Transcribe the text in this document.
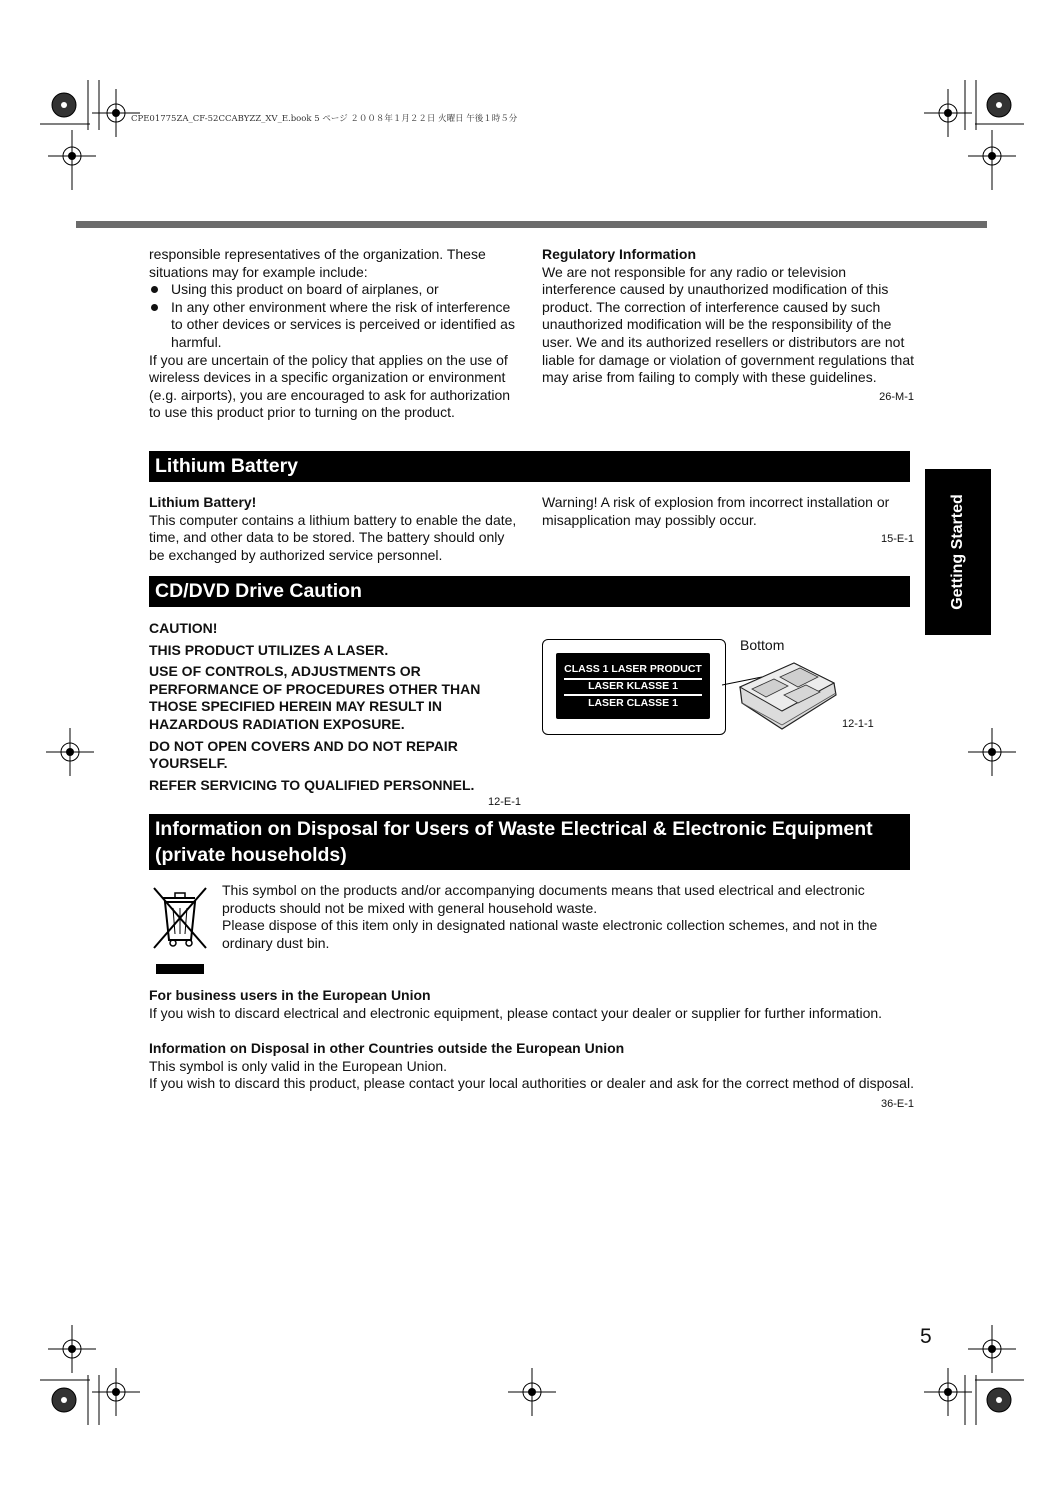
CPE01775ZA_CF-52CCABYZZ_XV_E.book 5 ページ ２００８年１月２２日 火曜日 午後１時５分

responsible representatives of the organization. These situations may for example include:

Using this product on board of airplanes, or
In any other environment where the risk of interference to other devices or services is perceived or identified as harmful.

If you are uncertain of the policy that applies on the use of wireless devices in a specific organization or environment (e.g. airports), you are encouraged to ask for authorization to use this product prior to turning on the product.

Regulatory Information

We are not responsible for any radio or television interference caused by unauthorized modification of this product. The correction of interference caused by such unauthorized modification will be the responsibility of the user. We and its authorized resellers or distributors are not liable for damage or violation of government regulations that may arise from failing to comply with these guidelines.

26-M-1
Lithium Battery

Lithium Battery!

This computer contains a lithium battery to enable the date, time, and other data to be stored. The battery should only be exchanged by authorized service personnel.

Warning! A risk of explosion from incorrect installation or misapplication may possibly occur.

15-E-1
CD/DVD Drive Caution

CAUTION!

THIS PRODUCT UTILIZES A LASER.

USE OF CONTROLS, ADJUSTMENTS OR PERFORMANCE OF PROCEDURES OTHER THAN THOSE SPECIFIED HEREIN MAY RESULT IN HAZARDOUS RADIATION EXPOSURE.

DO NOT OPEN COVERS AND DO NOT REPAIR YOURSELF.

REFER SERVICING TO QUALIFIED PERSONNEL.

12-E-1
CLASS 1 LASER PRODUCT
LASER KLASSE 1
LASER CLASSE 1
Bottom
12-1-1
Information on Disposal for Users of Waste Electrical & Electronic Equipment
(private households)

This symbol on the products and/or accompanying documents means that used electrical and electronic products should not be mixed with general household waste.

Please dispose of this item only in designated national waste electronic collection schemes, and not in the ordinary dust bin.

For business users in the European Union

If you wish to discard electrical and electronic equipment, please contact your dealer or supplier for further information.

Information on Disposal in other Countries outside the European Union

This symbol is only valid in the European Union.

If you wish to discard this product, please contact your local authorities or dealer and ask for the correct method of disposal.

36-E-1
Getting Started
5
